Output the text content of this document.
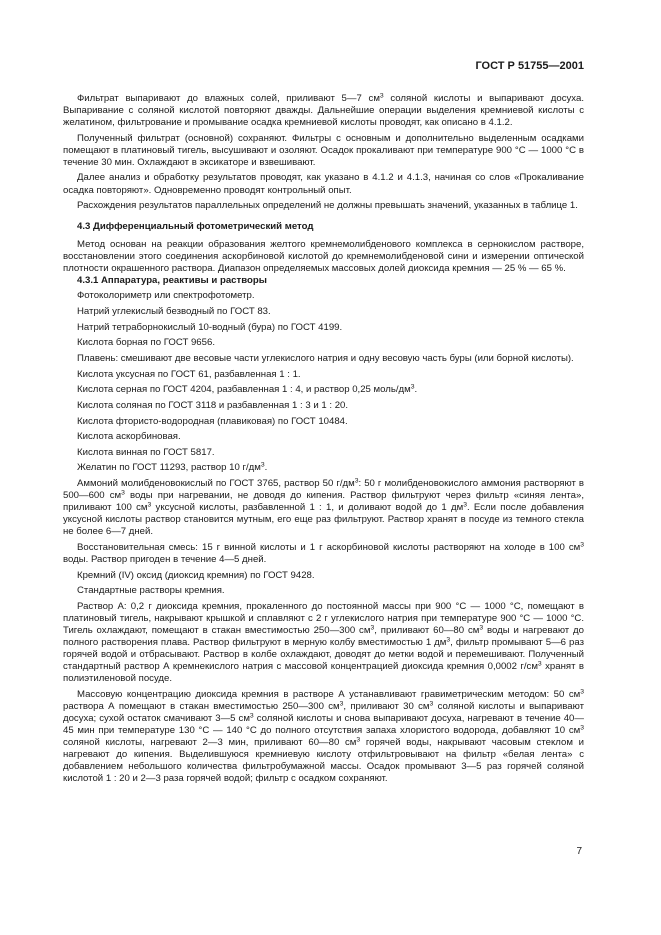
ГОСТ Р 51755—2001
Фильтрат выпаривают до влажных солей, приливают 5—7 $см^3$ соляной кислоты и выпаривают досуха. Выпаривание с соляной кислотой повторяют дважды. Дальнейшие операции выделения кремниевой кислоты с желатином, фильтрование и промывание осадка кремниевой кислоты проводят, как описано в 4.1.2.
Полученный фильтрат (основной) сохраняют. Фильтры с основным и дополнительно выделенным осадками помещают в платиновый тигель, высушивают и озоляют. Осадок прокаливают при температуре 900 °С — 1000 °С в течение 30 мин. Охлаждают в эксикаторе и взвешивают.
Далее анализ и обработку результатов проводят, как указано в 4.1.2 и 4.1.3, начиная со слов «Прокаливание осадка повторяют». Одновременно проводят контрольный опыт.
Расхождения результатов параллельных определений не должны превышать значений, указанных в таблице 1.
4.3 Дифференциальный фотометрический метод
Метод основан на реакции образования желтого кремнемолибденового комплекса в сернокислом растворе, восстановлении этого соединения аскорбиновой кислотой до кремнемолибденовой сини и измерении оптической плотности окрашенного раствора. Диапазон определяемых массовых долей диоксида кремния — 25 % — 65 %.
4.3.1 Аппаратура, реактивы и растворы
Фотоколориметр или спектрофотометр.
Натрий углекислый безводный по ГОСТ 83.
Натрий тетраборнокислый 10-водный (бура) по ГОСТ 4199.
Кислота борная по ГОСТ 9656.
Плавень: смешивают две весовые части углекислого натрия и одну весовую часть буры (или борной кислоты).
Кислота уксусная по ГОСТ 61, разбавленная 1 : 1.
Кислота серная по ГОСТ 4204, разбавленная 1 : 4, и раствор 0,25 моль/$дм^3$.
Кислота соляная по ГОСТ 3118 и разбавленная 1 : 3 и 1 : 20.
Кислота фтористо-водородная (плавиковая) по ГОСТ 10484.
Кислота аскорбиновая.
Кислота винная по ГОСТ 5817.
Желатин по ГОСТ 11293, раствор 10 $г/дм^3$.
Аммоний молибденовокислый по ГОСТ 3765, раствор 50 $г/дм^3$: 50 г молибденовокислого аммония растворяют в 500—600 $см^3$ воды при нагревании, не доводя до кипения. Раствор фильтруют через фильтр «синяя лента», приливают 100 $см^3$ уксусной кислоты, разбавленной 1 : 1, и доливают водой до 1 $дм^3$. Если после добавления уксусной кислоты раствор становится мутным, его еще раз фильтруют. Раствор хранят в посуде из темного стекла не более 6—7 дней.
Восстановительная смесь: 15 г винной кислоты и 1 г аскорбиновой кислоты растворяют на холоде в 100 $см^3$ воды. Раствор пригоден в течение 4—5 дней.
Кремний (IV) оксид (диоксид кремния) по ГОСТ 9428.
Стандартные растворы кремния.
Раствор А: 0,2 г диоксида кремния, прокаленного до постоянной массы при 900 °С — 1000 °С, помещают в платиновый тигель, накрывают крышкой и сплавляют с 2 г углекислого натрия при температуре 900 °С — 1000 °С. Тигель охлаждают, помещают в стакан вместимостью 250—300 $см^3$, приливают 60—80 $см^3$ воды и нагревают до полного растворения плава. Раствор фильтруют в мерную колбу вместимостью 1 $дм^3$, фильтр промывают 5—6 раз горячей водой и отбрасывают. Раствор в колбе охлаждают, доводят до метки водой и перемешивают. Полученный стандартный раствор А кремнекислого натрия с массовой концентрацией диоксида кремния 0,0002 $г/см^3$ хранят в полиэтиленовой посуде.
Массовую концентрацию диоксида кремния в растворе А устанавливают гравиметрическим методом: 50 $см^3$ раствора А помещают в стакан вместимостью 250—300 $см^3$, приливают 30 $см^3$ соляной кислоты и выпаривают досуха; сухой остаток смачивают 3—5 $см^3$ соляной кислоты и снова выпаривают досуха, нагревают в течение 40—45 мин при температуре 130 °С — 140 °С до полного отсутствия запаха хлористого водорода, добавляют 10 $см^3$ соляной кислоты, нагревают 2—3 мин, приливают 60—80 $см^3$ горячей воды, накрывают часовым стеклом и нагревают до кипения. Выделившуюся кремниевую кислоту отфильтровывают на фильтр «белая лента» с добавлением небольшого количества фильтробумажной массы. Осадок промывают 3—5 раз горячей соляной кислотой 1 : 20 и 2—3 раза горячей водой; фильтр с осадком сохраняют.
7
